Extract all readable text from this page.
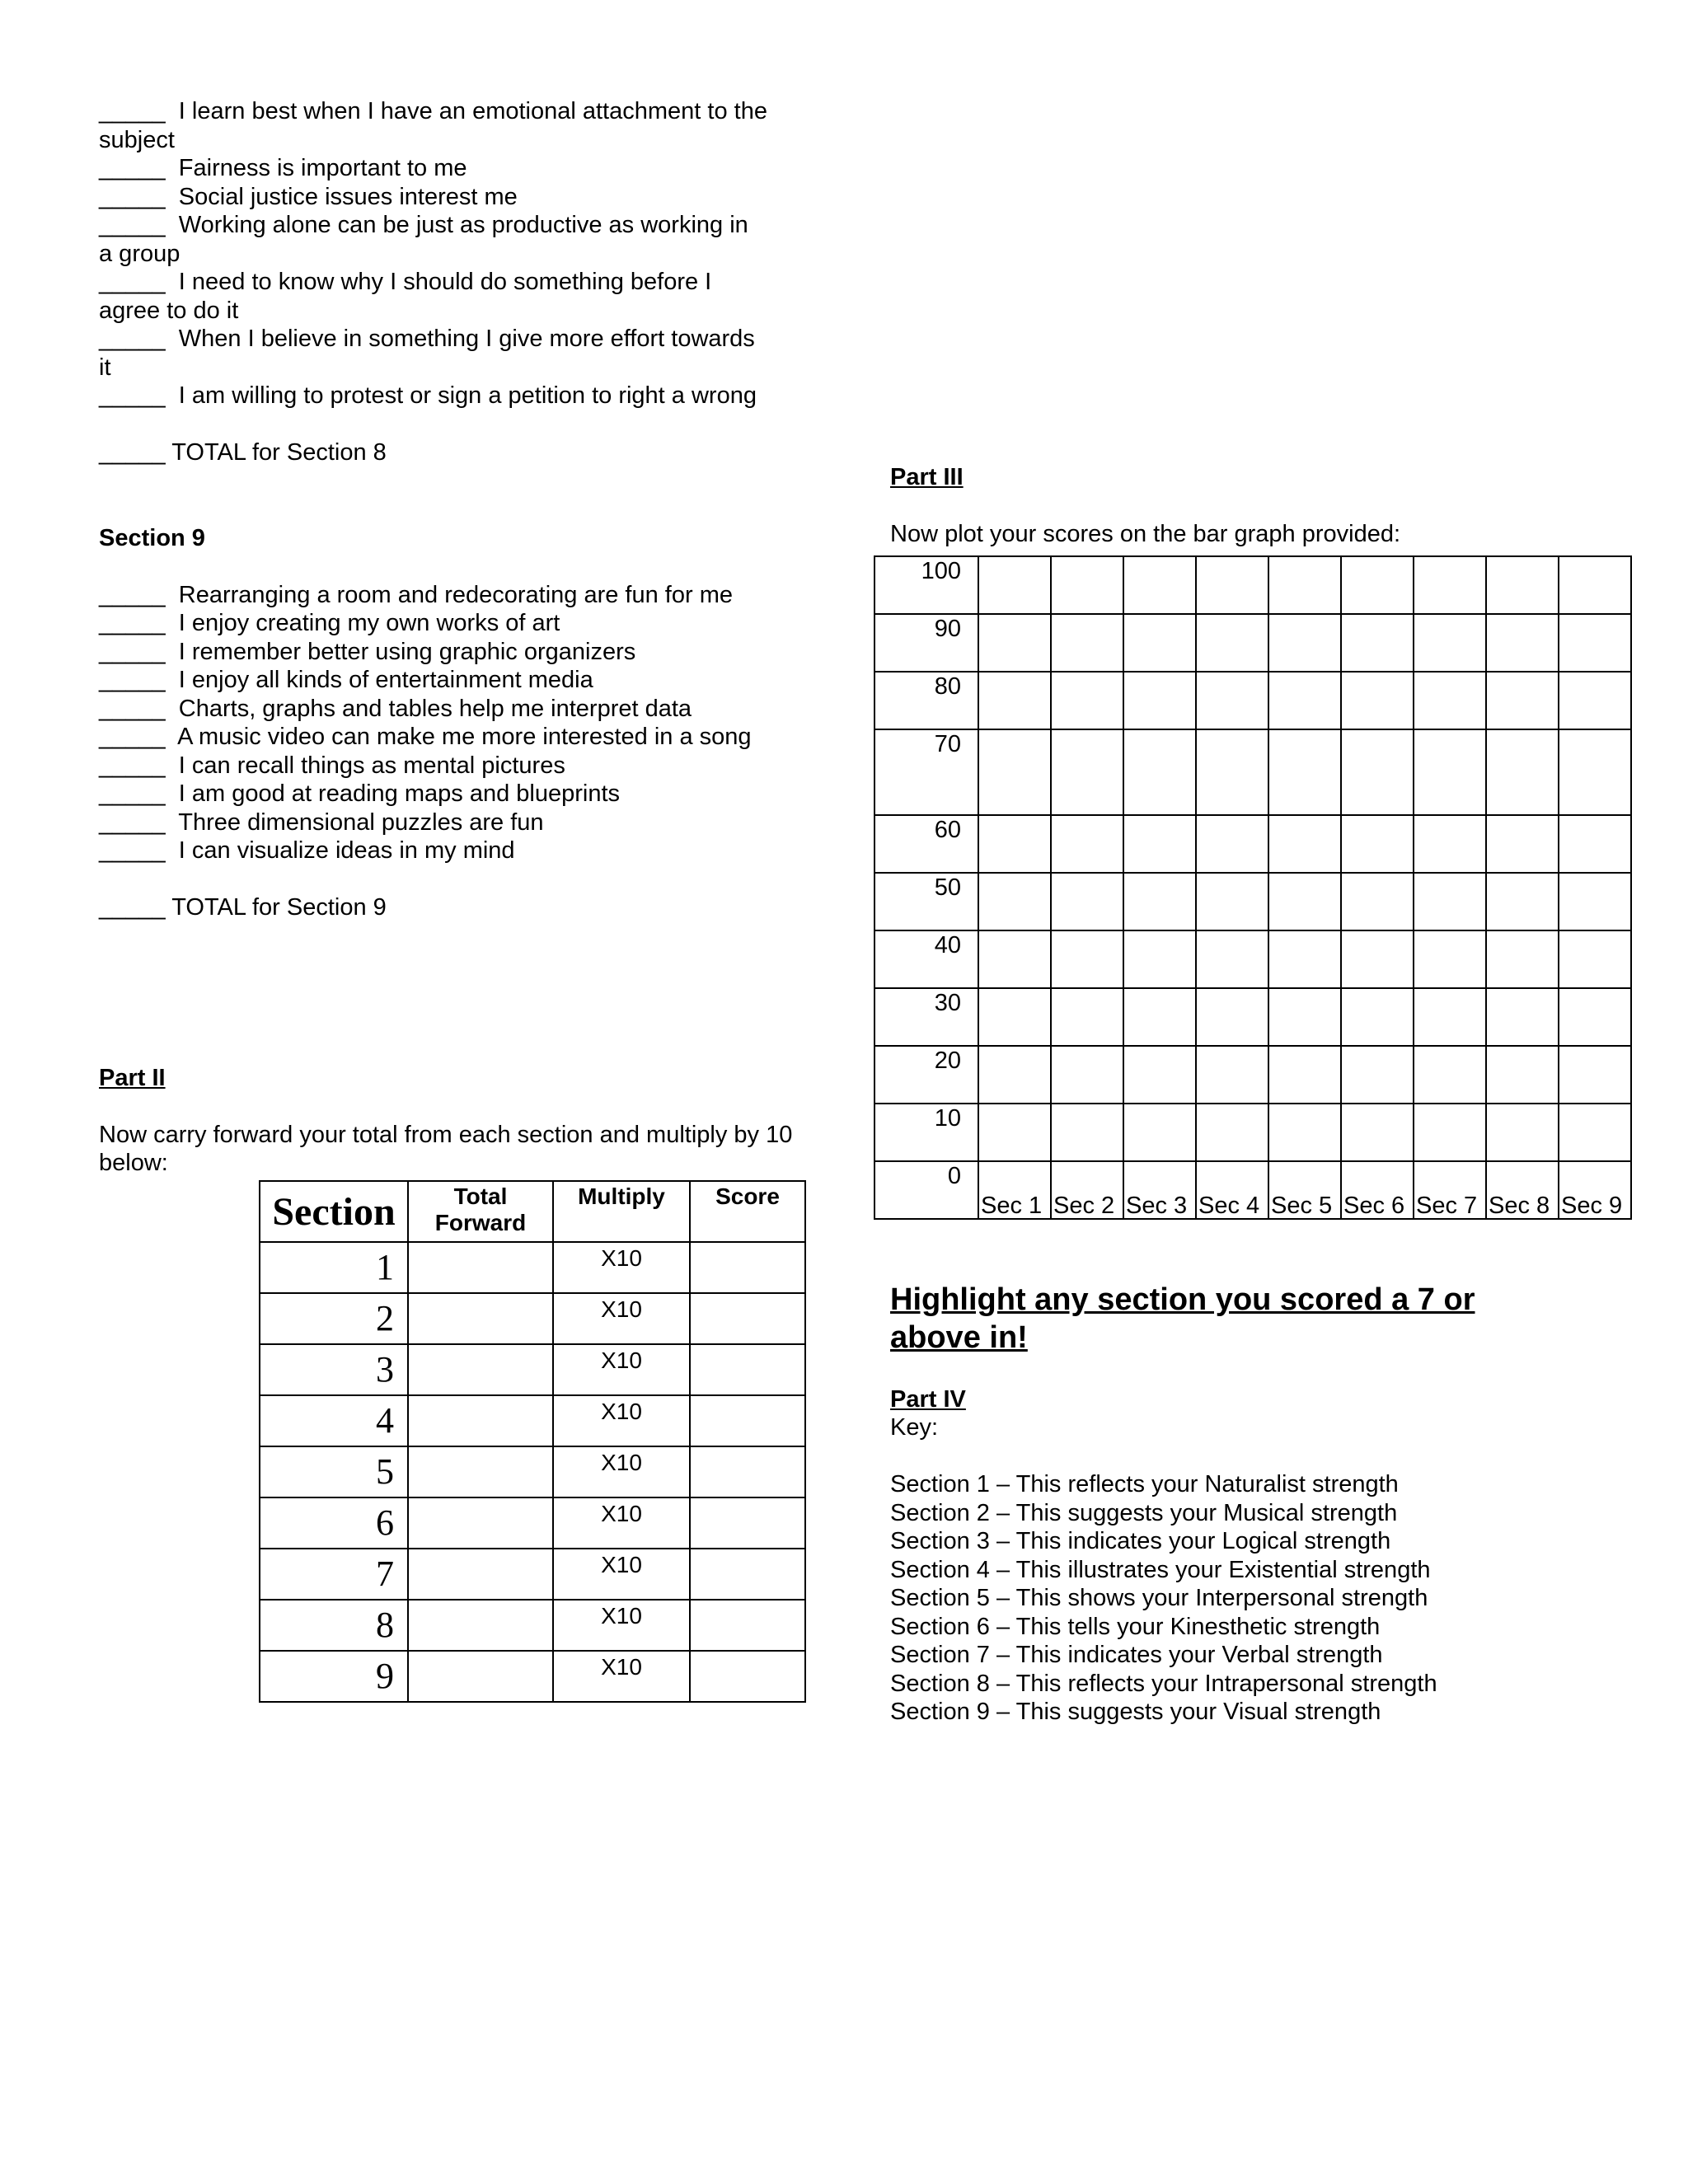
_____ I learn best when I have an emotional attachment to the
subject
_____ Fairness is important to me
_____ Social justice issues interest me
_____ Working alone can be just as productive as working in
a group
_____ I need to know why I should do something before I
agree to do it
_____ When I believe in something I give more effort towards
it
_____ I am willing to protest or sign a petition to right a wrong
_____ TOTAL for Section 8
Section 9
_____ Rearranging a room and redecorating are fun for me
_____ I enjoy creating my own works of art
_____ I remember better using graphic organizers
_____ I enjoy all kinds of entertainment media
_____ Charts, graphs and tables help me interpret data
_____ A music video can make me more interested in a song
_____ I can recall things as mental pictures
_____ I am good at reading maps and blueprints
_____ Three dimensional puzzles are fun
_____ I can visualize ideas in my mind
_____ TOTAL for Section 9
Part II
Now carry forward your total from each section and multiply by 10 below:
Section	Total Forward	Multiply	Score
1		X10	
2		X10	
3		X10	
4		X10	
5		X10	
6		X10	
7		X10	
8		X10	
9		X10	
Part III
Now plot your scores on the bar graph provided:
100									
90									
80									
70									
60									
50									
40									
30									
20									
10									
0	Sec 1	Sec 2	Sec 3	Sec 4	Sec 5	Sec 6	Sec 7	Sec 8	Sec 9
Highlight any section you scored a 7 or above in!
Part IV
Key:
Section 1 – This reflects your Naturalist strength
Section 2 – This suggests your Musical strength
Section 3 – This indicates your Logical strength
Section 4 – This illustrates your Existential strength
Section 5 – This shows your Interpersonal strength
Section 6 – This tells your Kinesthetic strength
Section 7 – This indicates your Verbal strength
Section 8 – This reflects your Intrapersonal strength
Section 9 – This suggests your Visual strength
